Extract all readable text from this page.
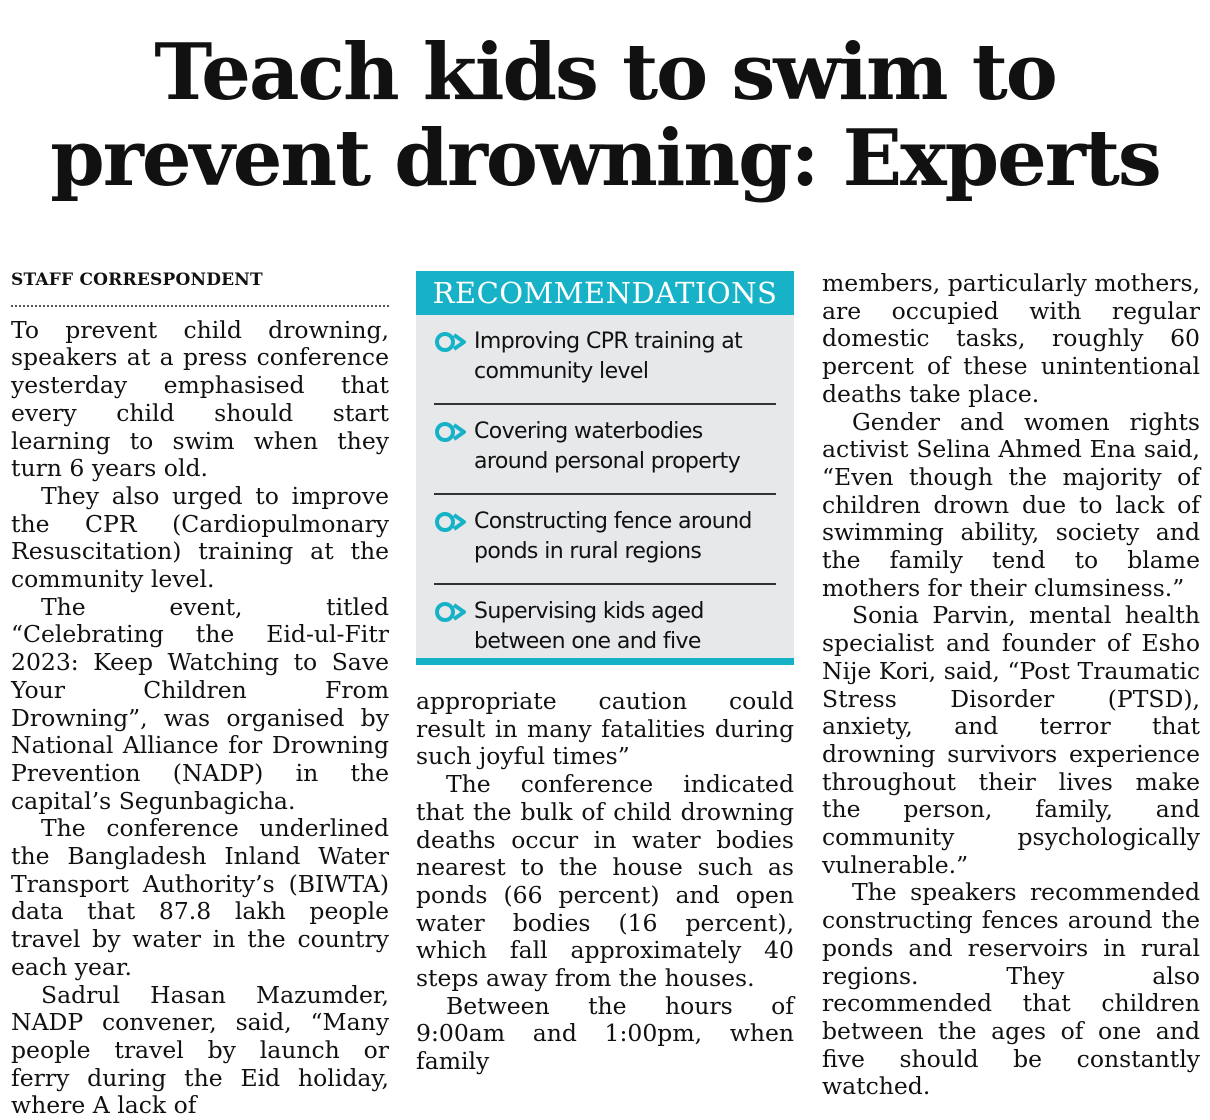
Teach kids to swim to
prevent drowning: Experts
STAFF CORRESPONDENT

To prevent child drowning, speakers at a press conference yesterday emphasised that every child should start learning to swim when they turn 6 years old.

They also urged to improve the CPR (Cardiopulmonary Resuscitation) training at the community level.

The event, titled “Celebrating the Eid-ul-Fitr 2023: Keep Watching to Save Your Children From Drowning”, was organised by National Alliance for Drowning Prevention (NADP) in the capital’s Segunbagicha.

The conference underlined the Bangladesh Inland Water Transport Authority’s (BIWTA) data that 87.8 lakh people travel by water in the country each year.

Sadrul Hasan Mazumder, NADP convener, said, “Many people travel by launch or ferry during the Eid holiday, where A lack of

RECOMMENDATIONS
Improving CPR training at community level
Covering waterbodies around personal property
Constructing fence around ponds in rural regions
Supervising kids aged between one and five

appropriate caution could result in many fatalities during such joyful times”

The conference indicated that the bulk of child drowning deaths occur in water bodies nearest to the house such as ponds (66 percent) and open water bodies (16 percent), which fall approximately 40 steps away from the houses.

Between the hours of 9:00am and 1:00pm, when family

members, particularly mothers, are occupied with regular domestic tasks, roughly 60 percent of these unintentional deaths take place.

Gender and women rights activist Selina Ahmed Ena said, “Even though the majority of children drown due to lack of swimming ability, society and the family tend to blame mothers for their clumsiness.”

Sonia Parvin, mental health specialist and founder of Esho Nije Kori, said, “Post Traumatic Stress Disorder (PTSD), anxiety, and terror that drowning survivors experience throughout their lives make the person, family, and community psychologically vulnerable.”

The speakers recommended constructing fences around the ponds and reservoirs in rural regions. They also recommended that children between the ages of one and five should be constantly watched.
